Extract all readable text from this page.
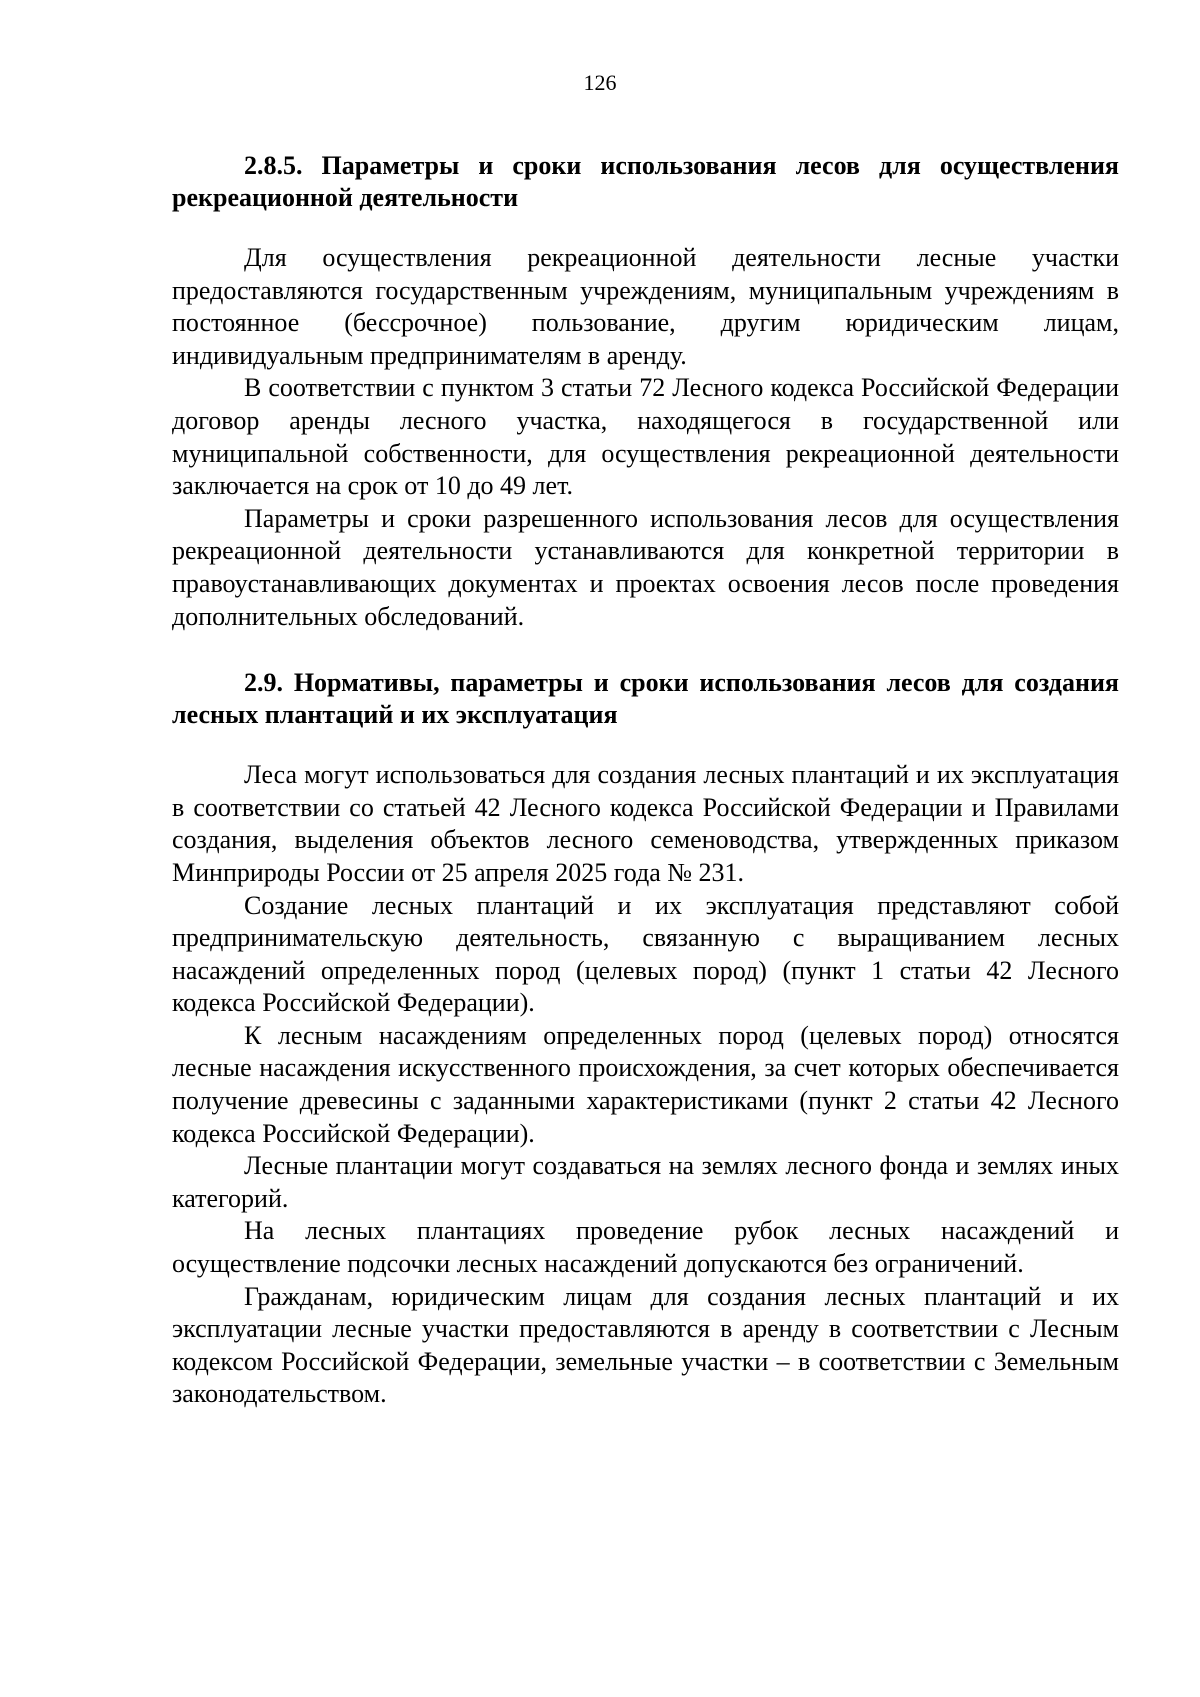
126

2.8.5. Параметры и сроки использования лесов для осуществления рекреационной деятельности

Для осуществления рекреационной деятельности лесные участки предоставляются государственным учреждениям, муниципальным учреждениям в постоянное (бессрочное) пользование, другим юридическим лицам, индивидуальным предпринимателям в аренду.

В соответствии с пунктом 3 статьи 72 Лесного кодекса Российской Федерации договор аренды лесного участка, находящегося в государственной или муниципальной собственности, для осуществления рекреационной деятельности заключается на срок от 10 до 49 лет.

Параметры и сроки разрешенного использования лесов для осуществления рекреационной деятельности устанавливаются для конкретной территории в правоустанавливающих документах и проектах освоения лесов после проведения дополнительных обследований.

2.9. Нормативы, параметры и сроки использования лесов для создания лесных плантаций и их эксплуатация

Леса могут использоваться для создания лесных плантаций и их эксплуатация в соответствии со статьей 42 Лесного кодекса Российской Федерации и Правилами создания, выделения объектов лесного семеноводства, утвержденных приказом Минприроды России от 25 апреля 2025 года № 231.

Создание лесных плантаций и их эксплуатация представляют собой предпринимательскую деятельность, связанную с выращиванием лесных насаждений определенных пород (целевых пород) (пункт 1 статьи 42 Лесного кодекса Российской Федерации).

К лесным насаждениям определенных пород (целевых пород) относятся лесные насаждения искусственного происхождения, за счет которых обеспечивается получение древесины с заданными характеристиками (пункт 2 статьи 42 Лесного кодекса Российской Федерации).

Лесные плантации могут создаваться на землях лесного фонда и землях иных категорий.

На лесных плантациях проведение рубок лесных насаждений и осуществление подсочки лесных насаждений допускаются без ограничений.

Гражданам, юридическим лицам для создания лесных плантаций и их эксплуатации лесные участки предоставляются в аренду в соответствии с Лесным кодексом Российской Федерации, земельные участки – в соответствии с Земельным законодательством.
